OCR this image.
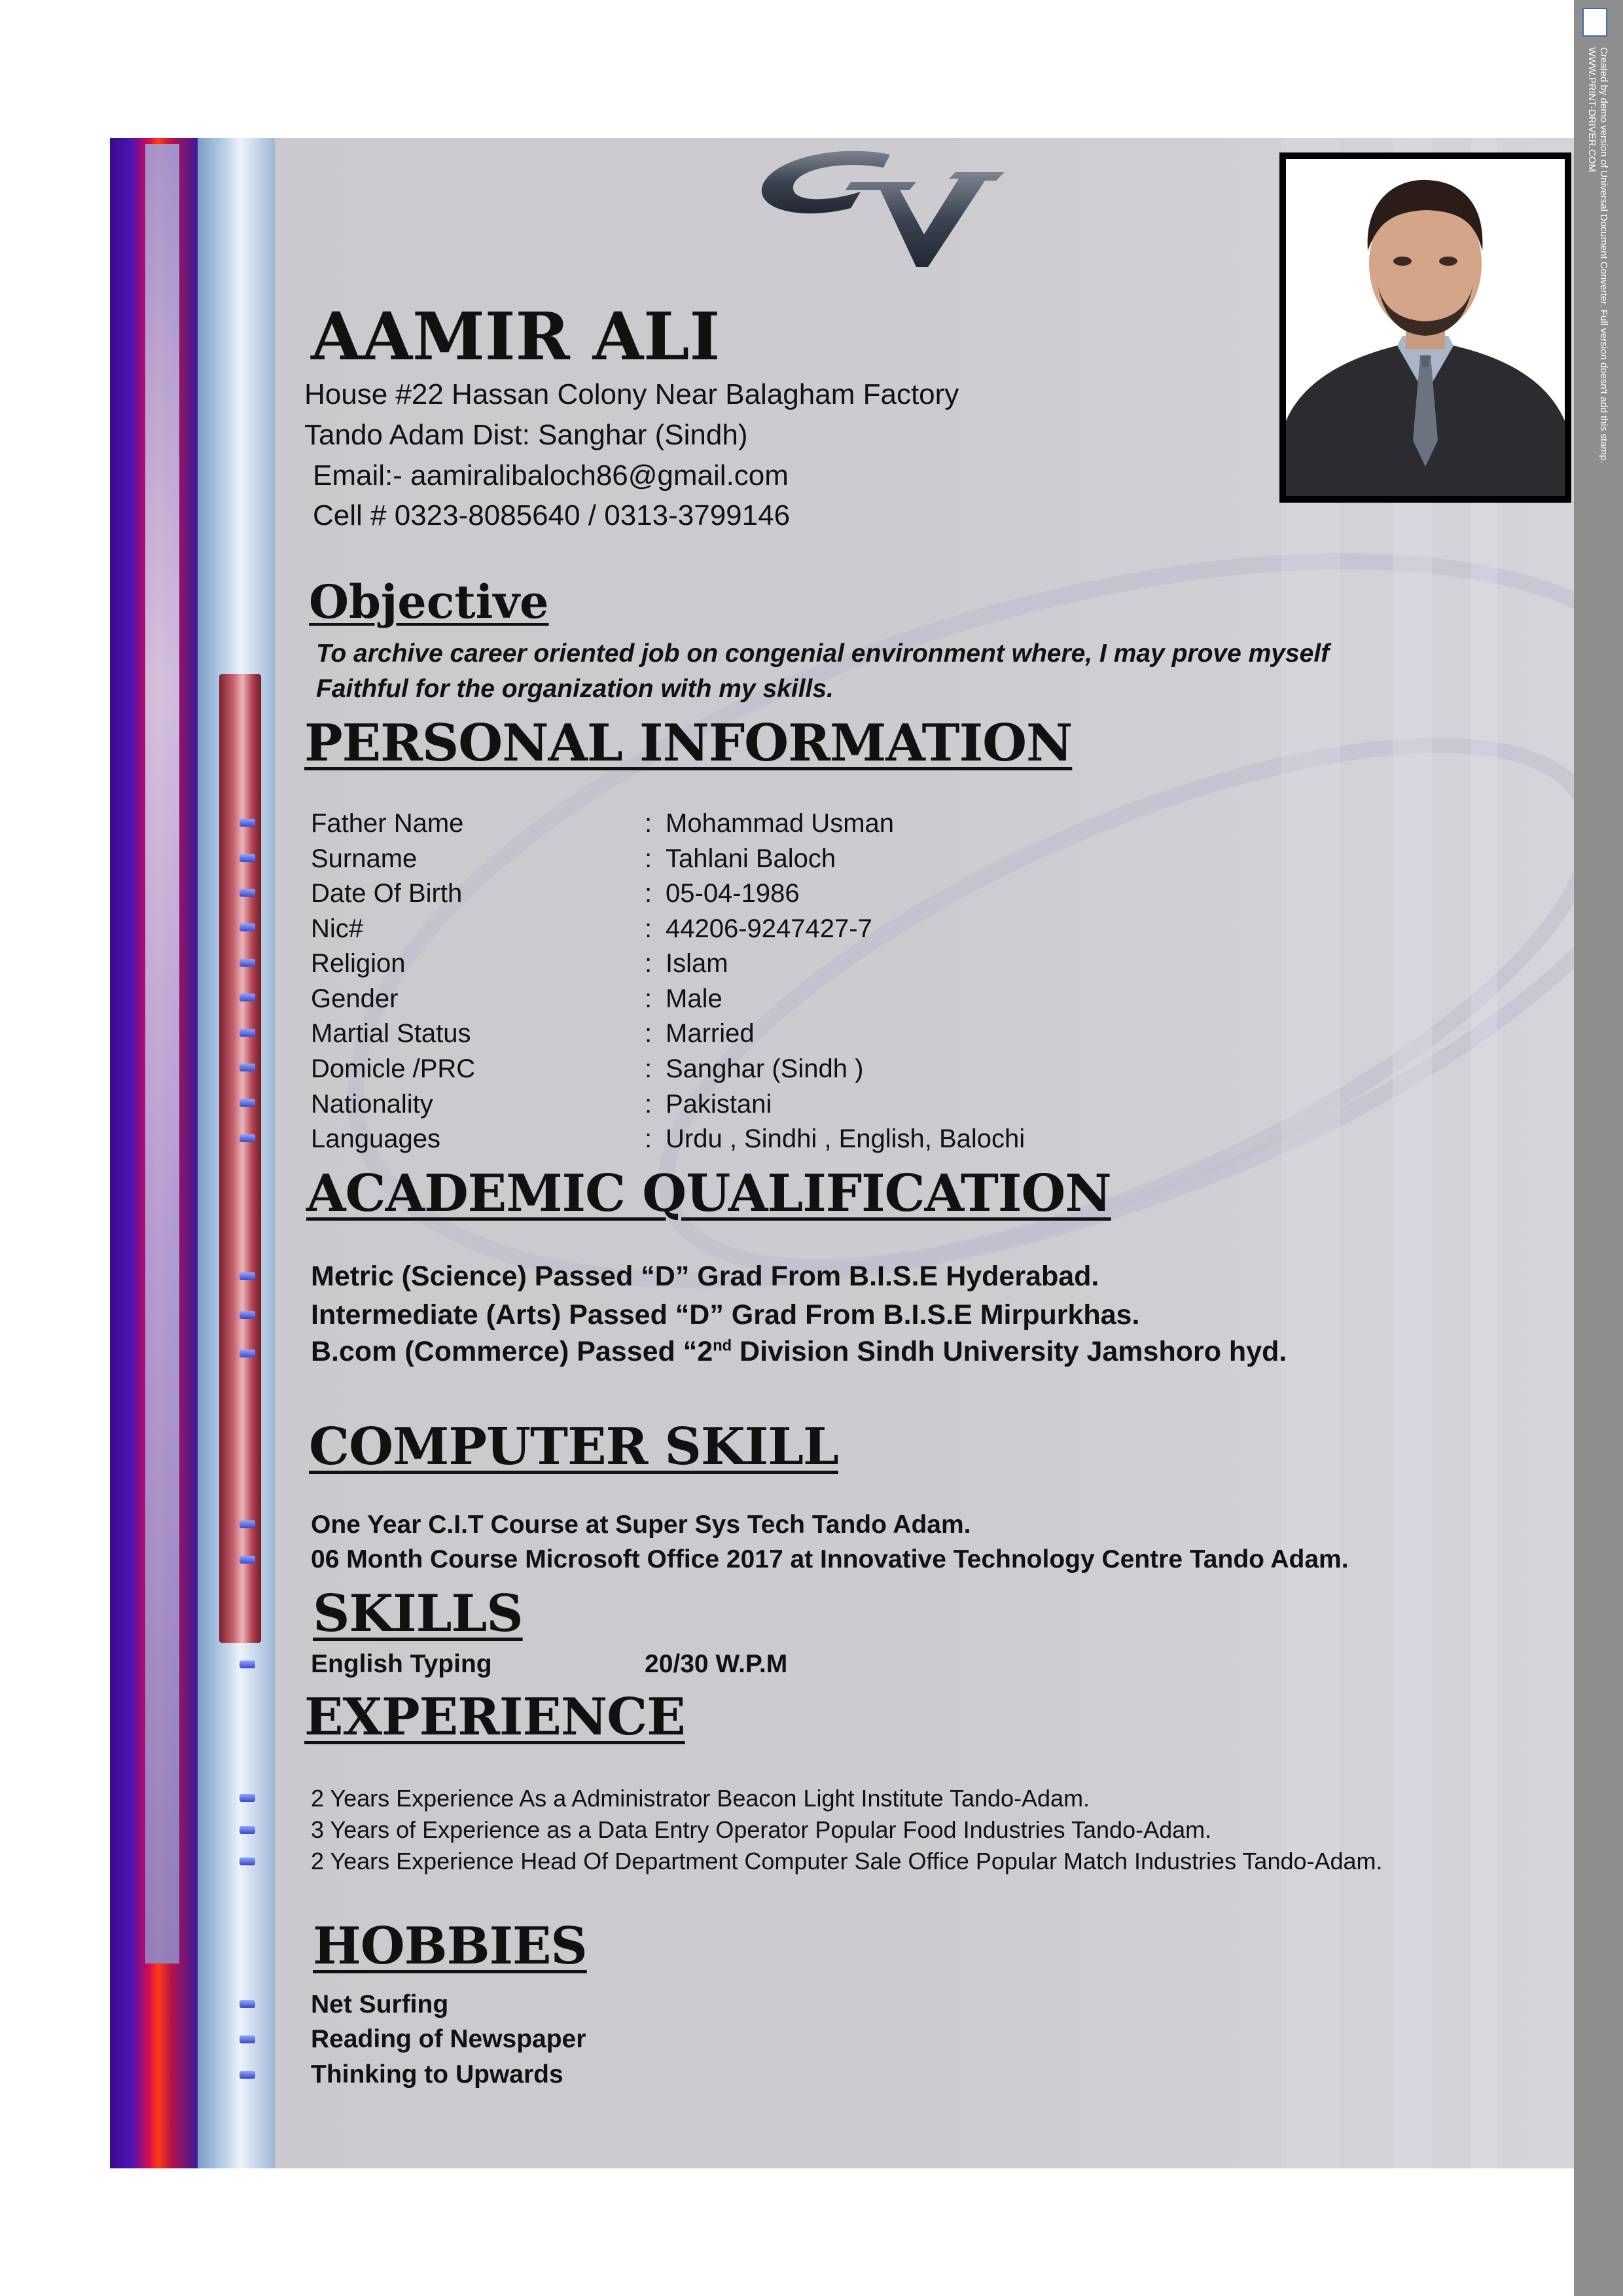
AAMIR ALI
House #22 Hassan Colony Near Balagham Factory
Tando Adam Dist: Sanghar (Sindh)
Email:- aamiralibaloch86@gmail.com
Cell # 0323-8085640 / 0313-3799146
Objective
To archive career oriented job on congenial environment where, I may prove myself
Faithful for the organization with my skills.
PERSONAL INFORMATION
Father Name	: Mohammad Usman
Surname	: Tahlani Baloch
Date Of Birth	: 05-04-1986
Nic#	: 44206-9247427-7
Religion	: Islam
Gender	: Male
Martial Status	: Married
Domicle /PRC	: Sanghar (Sindh )
Nationality	: Pakistani
Languages	: Urdu , Sindhi , English, Balochi
ACADEMIC QUALIFICATION
Metric (Science) Passed “D” Grad From B.I.S.E Hyderabad.
Intermediate (Arts) Passed “D” Grad From B.I.S.E Mirpurkhas.
B.com (Commerce) Passed “2nd Division Sindh University Jamshoro hyd.
COMPUTER SKILL
One Year C.I.T Course at Super Sys Tech Tando Adam.
06 Month Course Microsoft Office 2017 at Innovative Technology Centre Tando Adam.
SKILLS
English Typing	20/30 W.P.M
EXPERIENCE
2 Years Experience As a Administrator Beacon Light Institute Tando-Adam.
3 Years of Experience as a Data Entry Operator Popular Food Industries Tando-Adam.
2 Years Experience Head Of Department Computer Sale Office Popular Match Industries Tando-Adam.
HOBBIES
Net Surfing
Reading of Newspaper
Thinking to Upwards
